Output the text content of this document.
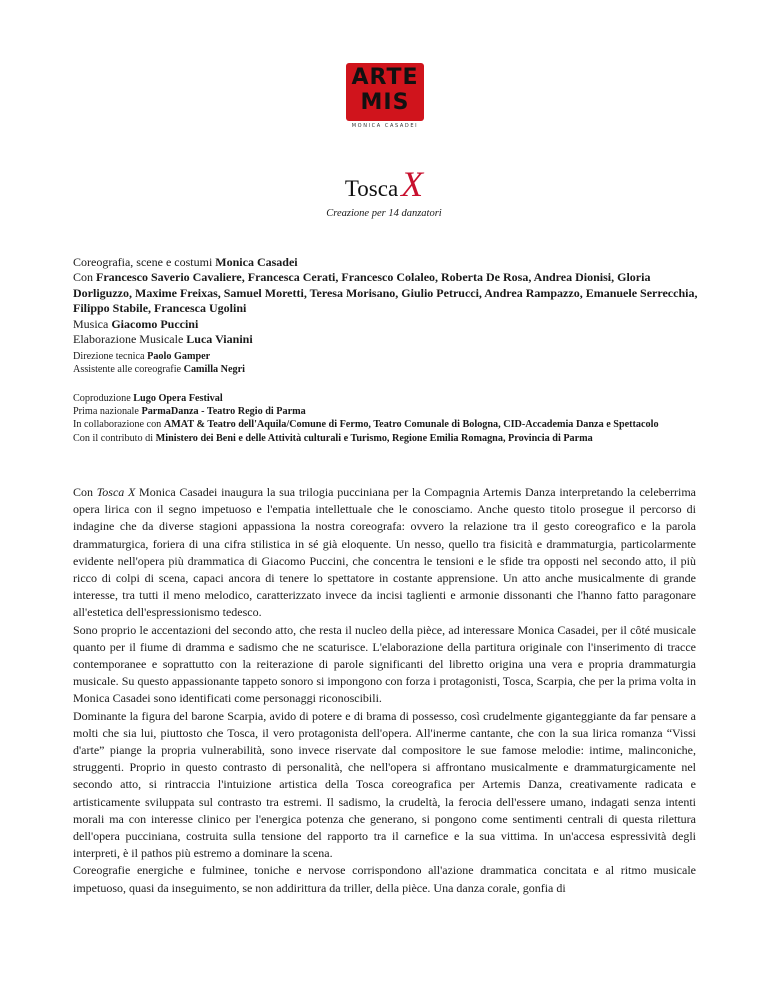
ARTE
MIS
MONICA CASADEI
ToscaX
Creazione per 14 danzatori

Coreografia, scene e costumi Monica Casadei

Con Francesco Saverio Cavaliere, Francesca Cerati, Francesco Colaleo, Roberta De Rosa, Andrea Dionisi, Gloria Dorliguzzo, Maxime Freixas, Samuel Moretti, Teresa Morisano, Giulio Petrucci, Andrea Rampazzo, Emanuele Serrecchia, Filippo Stabile, Francesca Ugolini

Musica Giacomo Puccini

Elaborazione Musicale Luca Vianini

Direzione tecnica Paolo Gamper

Assistente alle coreografie Camilla Negri

Coproduzione Lugo Opera Festival

Prima nazionale ParmaDanza - Teatro Regio di Parma

In collaborazione con AMAT & Teatro dell'Aquila/Comune di Fermo, Teatro Comunale di Bologna, CID-Accademia Danza e Spettacolo

Con il contributo di Ministero dei Beni e delle Attività culturali e Turismo, Regione Emilia Romagna, Provincia di Parma

Con Tosca X Monica Casadei inaugura la sua trilogia pucciniana per la Compagnia Artemis Danza interpretando la celeberrima opera lirica con il segno impetuoso e l'empatia intellettuale che le conosciamo. Anche questo titolo prosegue il percorso di indagine che da diverse stagioni appassiona la nostra coreografa: ovvero la relazione tra il gesto coreografico e la parola drammaturgica, foriera di una cifra stilistica in sé già eloquente. Un nesso, quello tra fisicità e drammaturgia, particolarmente evidente nell'opera più drammatica di Giacomo Puccini, che concentra le tensioni e le sfide tra opposti nel secondo atto, il più ricco di colpi di scena, capaci ancora di tenere lo spettatore in costante apprensione. Un atto anche musicalmente di grande interesse, tra tutti il meno melodico, caratterizzato invece da incisi taglienti e armonie dissonanti che l'hanno fatto paragonare all'estetica dell'espressionismo tedesco.

Sono proprio le accentazioni del secondo atto, che resta il nucleo della pièce, ad interessare Monica Casadei, per il côté musicale quanto per il fiume di dramma e sadismo che ne scaturisce. L'elaborazione della partitura originale con l'inserimento di tracce contemporanee e soprattutto con la reiterazione di parole significanti del libretto origina una vera e propria drammaturgia musicale. Su questo appassionante tappeto sonoro si impongono con forza i protagonisti, Tosca, Scarpia, che per la prima volta in Monica Casadei sono identificati come personaggi riconoscibili.

Dominante la figura del barone Scarpia, avido di potere e di brama di possesso, così crudelmente giganteggiante da far pensare a molti che sia lui, piuttosto che Tosca, il vero protagonista dell'opera. All'inerme cantante, che con la sua lirica romanza “Vissi d'arte” piange la propria vulnerabilità, sono invece riservate dal compositore le sue famose melodie: intime, malinconiche, struggenti. Proprio in questo contrasto di personalità, che nell'opera si affrontano musicalmente e drammaturgicamente nel secondo atto, si rintraccia l'intuizione artistica della Tosca coreografica per Artemis Danza, creativamente radicata e artisticamente sviluppata sul contrasto tra estremi. Il sadismo, la crudeltà, la ferocia dell'essere umano, indagati senza intenti morali ma con interesse clinico per l'energica potenza che generano, si pongono come sentimenti centrali di questa rilettura dell'opera pucciniana, costruita sulla tensione del rapporto tra il carnefice e la sua vittima. In un'accesa espressività degli interpreti, è il pathos più estremo a dominare la scena.

Coreografie energiche e fulminee, toniche e nervose corrispondono all'azione drammatica concitata e al ritmo musicale impetuoso, quasi da inseguimento, se non addirittura da triller, della pièce. Una danza corale, gonfia di
